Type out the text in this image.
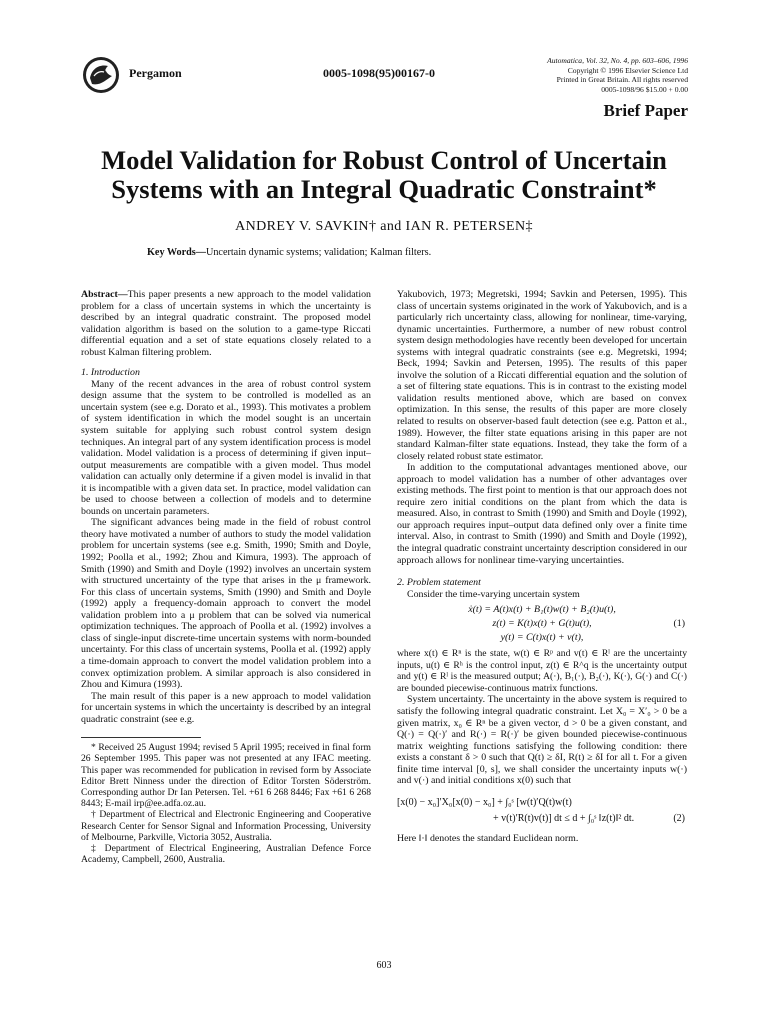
Pergamon	0005-1098(95)00167-0
Automatica, Vol. 32, No. 4, pp. 603–606, 1996
Copyright © 1996 Elsevier Science Ltd
Printed in Great Britain. All rights reserved
0005-1098/96 $15.00 + 0.00
Brief Paper
Model Validation for Robust Control of Uncertain
Systems with an Integral Quadratic Constraint*
ANDREY V. SAVKIN† and IAN R. PETERSEN‡
Key Words—Uncertain dynamic systems; validation; Kalman filters.

Abstract—This paper presents a new approach to the model validation problem for a class of uncertain systems in which the uncertainty is described by an integral quadratic constraint. The proposed model validation algorithm is based on the solution to a game-type Riccati differential equation and a set of state equations closely related to a robust Kalman filtering problem.

1. Introduction

Many of the recent advances in the area of robust control system design assume that the system to be controlled is modelled as an uncertain system (see e.g. Dorato et al., 1993). This motivates a problem of system identification in which the model sought is an uncertain system suitable for applying such robust control system design techniques. An integral part of any system identification process is model validation. Model validation is a process of determining if given input–output measurements are compatible with a given model. Thus model validation can actually only determine if a given model is invalid in that it is incompatible with a given data set. In practice, model validation can be used to choose between a collection of models and to determine bounds on uncertain parameters.

The significant advances being made in the field of robust control theory have motivated a number of authors to study the model validation problem for uncertain systems (see e.g. Smith, 1990; Smith and Doyle, 1992; Poolla et al., 1992; Zhou and Kimura, 1993). The approach of Smith (1990) and Smith and Doyle (1992) involves an uncertain system with structured uncertainty of the type that arises in the μ framework. For this class of uncertain systems, Smith (1990) and Smith and Doyle (1992) apply a frequency-domain approach to convert the model validation problem into a μ problem that can be solved via numerical optimization techniques. The approach of Poolla et al. (1992) involves a class of single-input discrete-time uncertain systems with norm-bounded uncertainty. For this class of uncertain systems, Poolla et al. (1992) apply a time-domain approach to convert the model validation problem into a convex optimization problem. A similar approach is also considered in Zhou and Kimura (1993).

The main result of this paper is a new approach to model validation for uncertain systems in which the uncertainty is described by an integral quadratic constraint (see e.g.

* Received 25 August 1994; revised 5 April 1995; received in final form 26 September 1995. This paper was not presented at any IFAC meeting. This paper was recommended for publication in revised form by Associate Editor Brett Ninness under the direction of Editor Torsten Söderström. Corresponding author Dr Ian Petersen. Tel. +61 6 268 8446; Fax +61 6 268 8443; E-mail irp@ee.adfa.oz.au.

† Department of Electrical and Electronic Engineering and Cooperative Research Center for Sensor Signal and Information Processing, University of Melbourne, Parkville, Victoria 3052, Australia.

‡ Department of Electrical Engineering, Australian Defence Force Academy, Campbell, 2600, Australia.

Yakubovich, 1973; Megretski, 1994; Savkin and Petersen, 1995). This class of uncertain systems originated in the work of Yakubovich, and is a particularly rich uncertainty class, allowing for nonlinear, time-varying, dynamic uncertainties. Furthermore, a number of new robust control system design methodologies have recently been developed for uncertain systems with integral quadratic constraints (see e.g. Megretski, 1994; Beck, 1994; Savkin and Petersen, 1995). The results of this paper involve the solution of a Riccati differential equation and the solution of a set of filtering state equations. This is in contrast to the existing model validation results mentioned above, which are based on convex optimization. In this sense, the results of this paper are more closely related to results on observer-based fault detection (see e.g. Patton et al., 1989). However, the filter state equations arising in this paper are not standard Kalman-filter state equations. Instead, they take the form of a closely related robust state estimator.

In addition to the computational advantages mentioned above, our approach to model validation has a number of other advantages over existing methods. The first point to mention is that our approach does not require zero initial conditions on the plant from which the data is measured. Also, in contrast to Smith (1990) and Smith and Doyle (1992), our approach requires input–output data defined only over a finite time interval. Also, in contrast to Smith (1990) and Smith and Doyle (1992), the integral quadratic constraint uncertainty description considered in our approach allows for nonlinear time-varying uncertainties.

2. Problem statement

Consider the time-varying uncertain system

ẋ(t) = A(t)x(t) + B₁(t)w(t) + B₂(t)u(t),
z(t) = K(t)x(t) + G(t)u(t),	(1)
y(t) = C(t)x(t) + v(t),

where x(t) ∈ Rⁿ is the state, w(t) ∈ Rᵖ and v(t) ∈ Rˡ are the uncertainty inputs, u(t) ∈ Rʰ is the control input, z(t) ∈ R^q is the uncertainty output and y(t) ∈ Rˡ is the measured output; A(·), B₁(·), B₂(·), K(·), G(·) and C(·) are bounded piecewise-continuous matrix functions.

System uncertainty. The uncertainty in the above system is required to satisfy the following integral quadratic constraint. Let X₀ = X′₀ > 0 be a given matrix, x₀ ∈ Rⁿ be a given vector, d > 0 be a given constant, and Q(·) = Q(·)′ and R(·) = R(·)′ be given bounded piecewise-continuous matrix weighting functions satisfying the following condition: there exists a constant δ > 0 such that Q(t) ≥ δI, R(t) ≥ δI for all t. For a given finite time interval [0, s], we shall consider the uncertainty inputs w(·) and v(·) and initial conditions x(0) such that

[x(0) − x₀]′X₀[x(0) − x₀] + ∫₀ˢ [w(t)′Q(t)w(t)
+ v(t)′R(t)v(t)] dt ≤ d + ∫₀ˢ ‖z(t)‖² dt.	(2)

Here ‖·‖ denotes the standard Euclidean norm.

603
